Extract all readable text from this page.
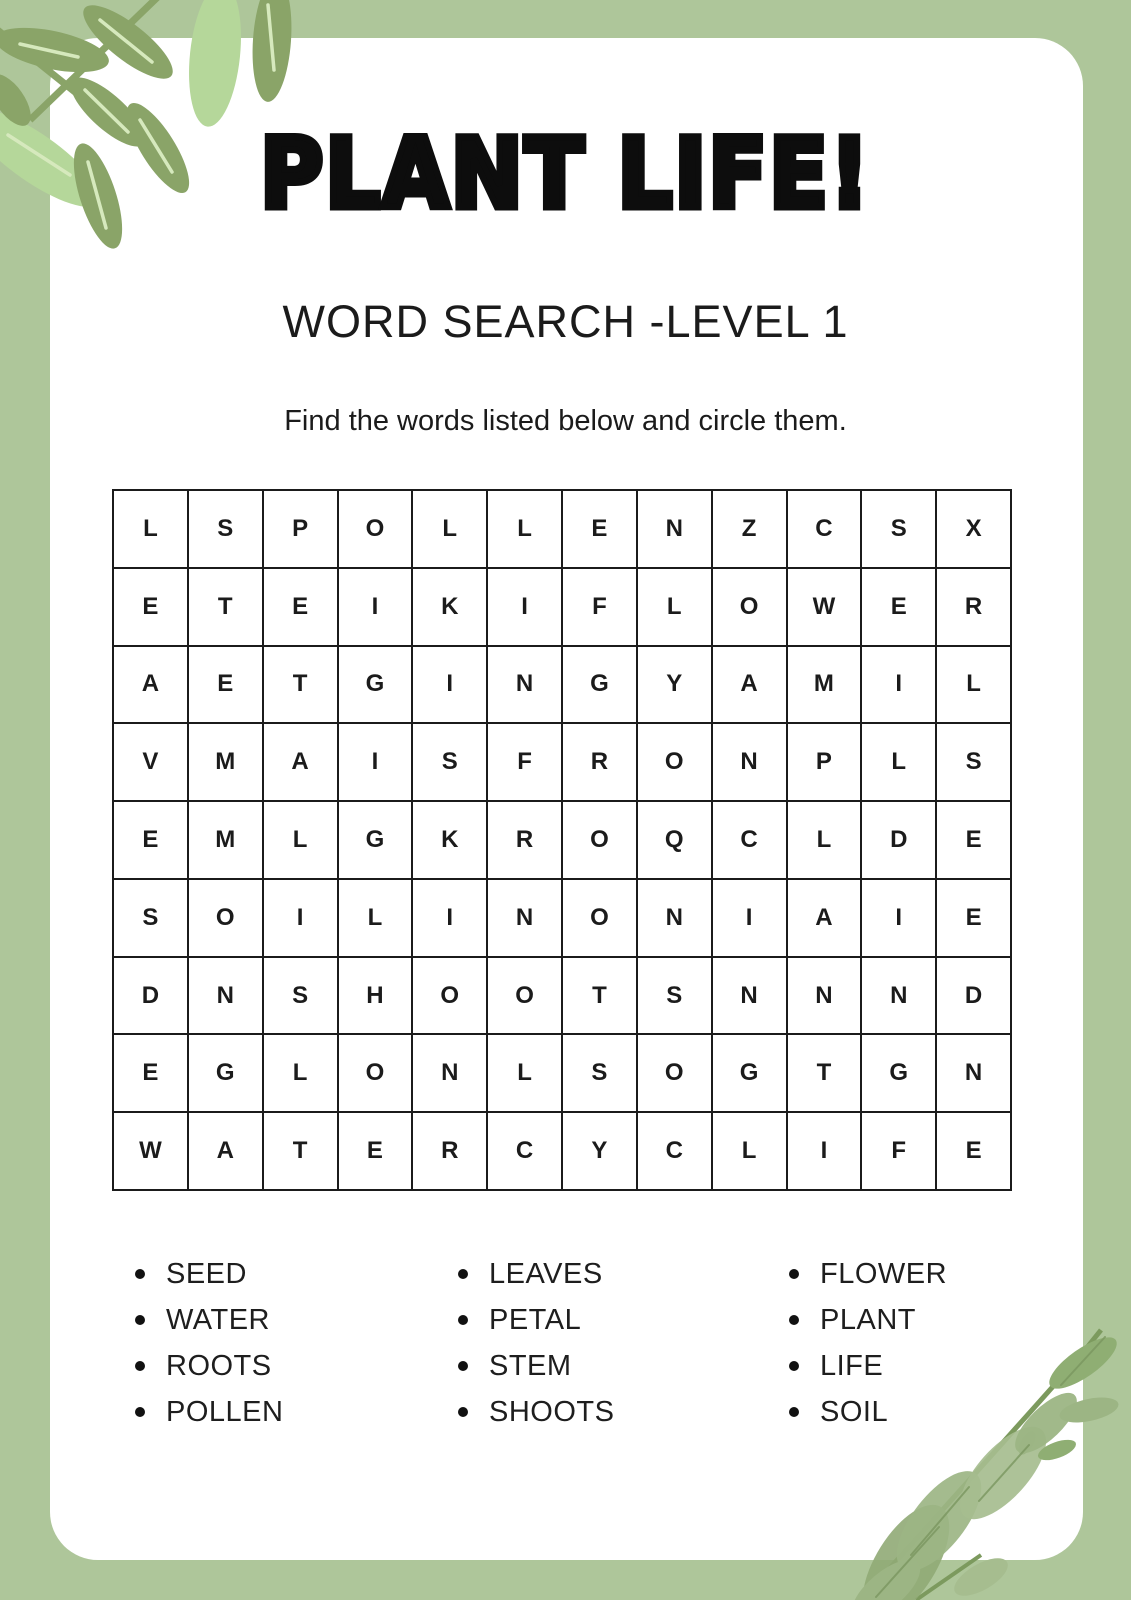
PLANT LIFE!
WORD SEARCH -LEVEL 1

Find the words listed below and circle them.

L	S	P	O	L	L	E	N	Z	C	S	X
E	T	E	I	K	I	F	L	O	W	E	R
A	E	T	G	I	N	G	Y	A	M	I	L
V	M	A	I	S	F	R	O	N	P	L	S
E	M	L	G	K	R	O	Q	C	L	D	E
S	O	I	L	I	N	O	N	I	A	I	E
D	N	S	H	O	O	T	S	N	N	N	D
E	G	L	O	N	L	S	O	G	T	G	N
W	A	T	E	R	C	Y	C	L	I	F	E
SEED
WATER
ROOTS
POLLEN
LEAVES
PETAL
STEM
SHOOTS
FLOWER
PLANT
LIFE
SOIL
